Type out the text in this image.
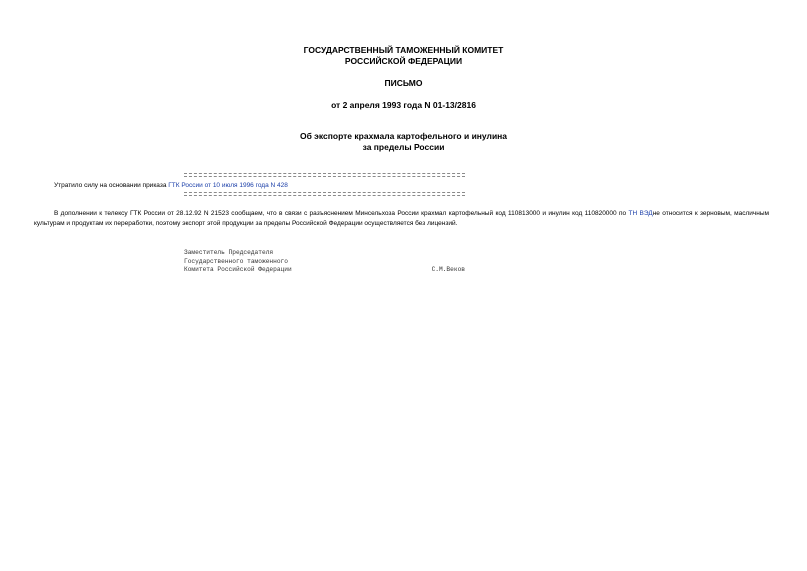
ГОСУДАРСТВЕННЫЙ ТАМОЖЕННЫЙ КОМИТЕТ
РОССИЙСКОЙ ФЕДЕРАЦИИ
ПИСЬМО
от 2 апреля 1993 года N 01-13/2816
Об экспорте крахмала картофельного и инулина
за пределы России
Утратило силу на основании приказа ГТК России от 10 июля 1996 года N 428
В дополнении к телексу ГТК России от 28.12.92 N 21523 сообщаем, что в связи с разъяснением Минсельхоза России крахмал картофельный код 110813000 и инулин код 110820000 по ТН ВЭДне относится к зерновым, масличным культурам и продуктам их переработки, поэтому экспорт этой продукции за пределы Российской Федерации осуществляется без лицензий.
Заместитель Председателя
Государственного таможенного
Комитета Российской Федерации	С.М.Веков
